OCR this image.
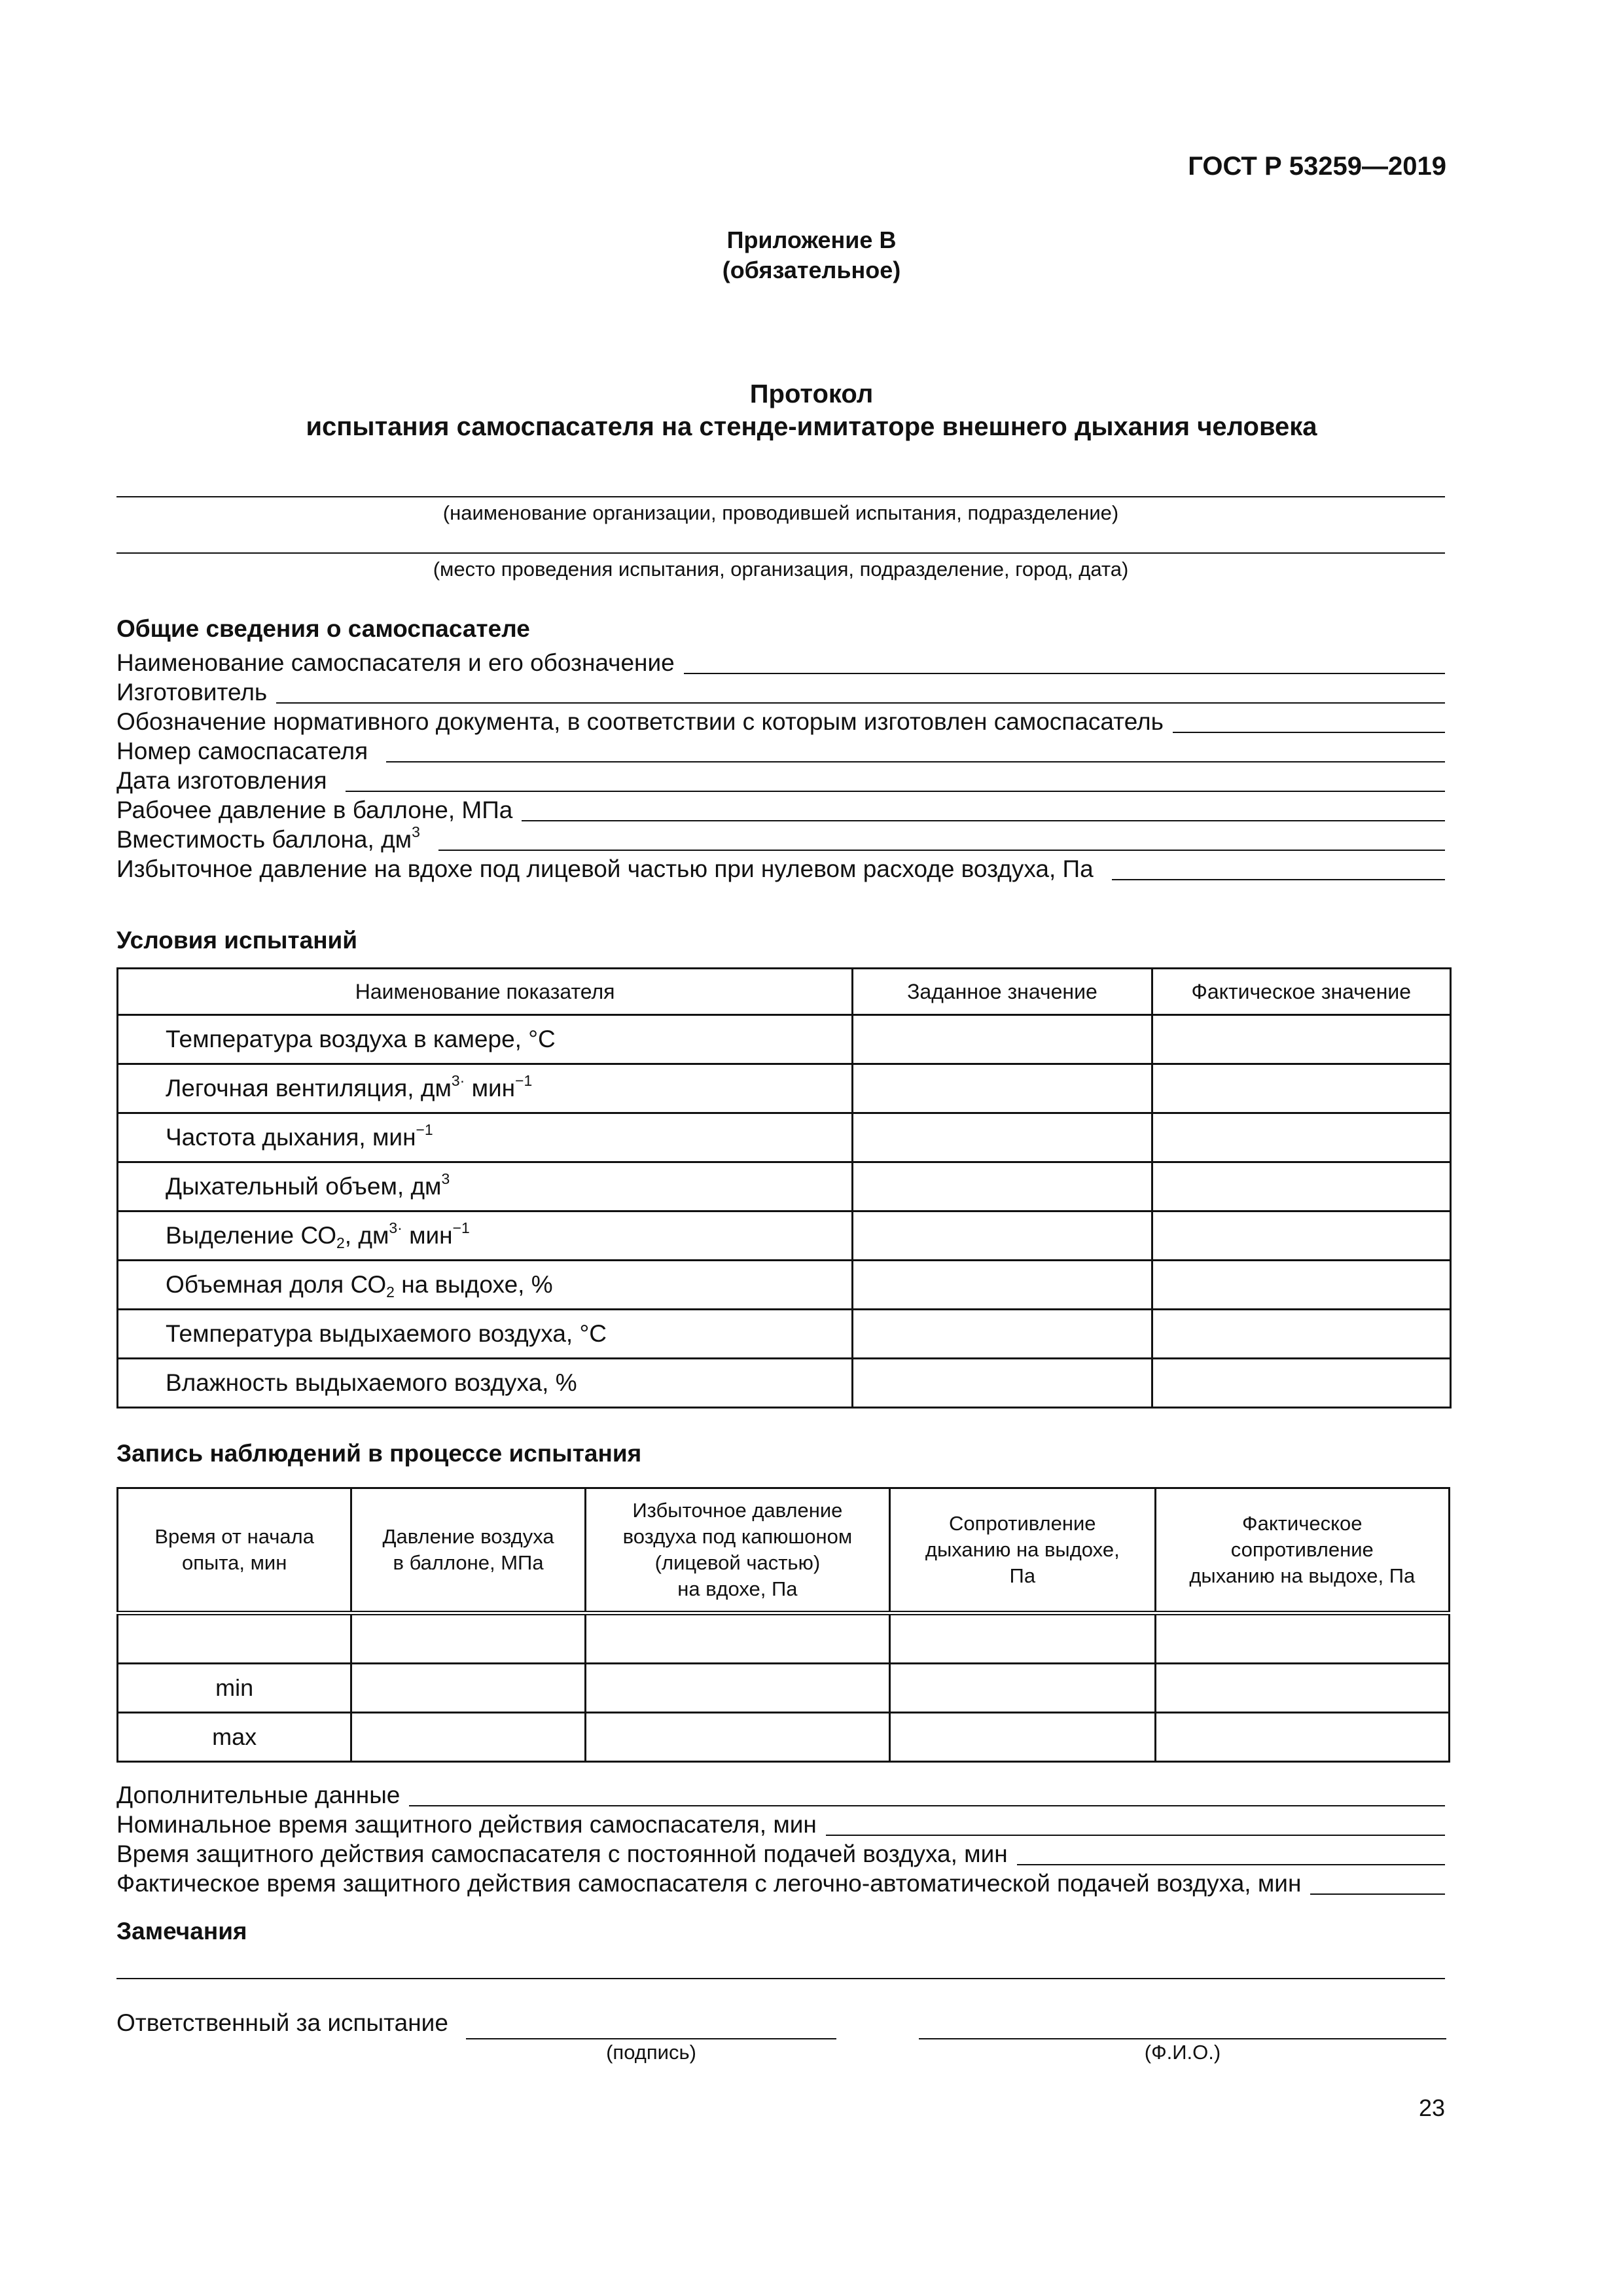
ГОСТ Р 53259—2019
Приложение В
(обязательное)
Протокол
испытания самоспасателя на стенде-имитаторе внешнего дыхания человека
(наименование организации, проводившей испытания, подразделение)
(место проведения испытания, организация, подразделение, город, дата)
Общие сведения о самоспасателе
Наименование самоспасателя и его обозначение
Изготовитель
Обозначение нормативного документа, в соответствии с которым изготовлен самоспасатель
Номер самоспасателя
Дата изготовления
Рабочее давление в баллоне, МПа
Вместимость баллона, $дм^3$
Избыточное давление на вдохе под лицевой частью при нулевом расходе воздуха, Па
Условия испытаний
Наименование показателя	Заданное значение	Фактическое значение
Температура воздуха в камере, °С		
Легочная вентиляция, $дм^{3\cdot}$ мин$^{-1}$		
Частота дыхания, мин$^{-1}$		
Дыхательный объем, $дм^3$		
Выделение $СО_2$, $дм^{3\cdot}$ мин$^{-1}$		
Объемная доля $СО_2$ на выдохе, %		
Температура выдыхаемого воздуха, °С		
Влажность выдыхаемого воздуха, %		
Запись наблюдений в процессе испытания
Время от начала
опыта, мин	Давление воздуха
в баллоне, МПа	Избыточное давление
воздуха под капюшоном
(лицевой частью)
на вдохе, Па	Сопротивление
дыханию на выдохе,
Па	Фактическое
сопротивление
дыханию на выдохе, Па

min				
max				
Дополнительные данные
Номинальное время защитного действия самоспасателя, мин
Время защитного действия самоспасателя с постоянной подачей воздуха, мин
Фактическое время защитного действия самоспасателя с легочно-автоматической подачей воздуха, мин
Замечания
Ответственный за испытание
(подпись)	(Ф.И.О.)
23
